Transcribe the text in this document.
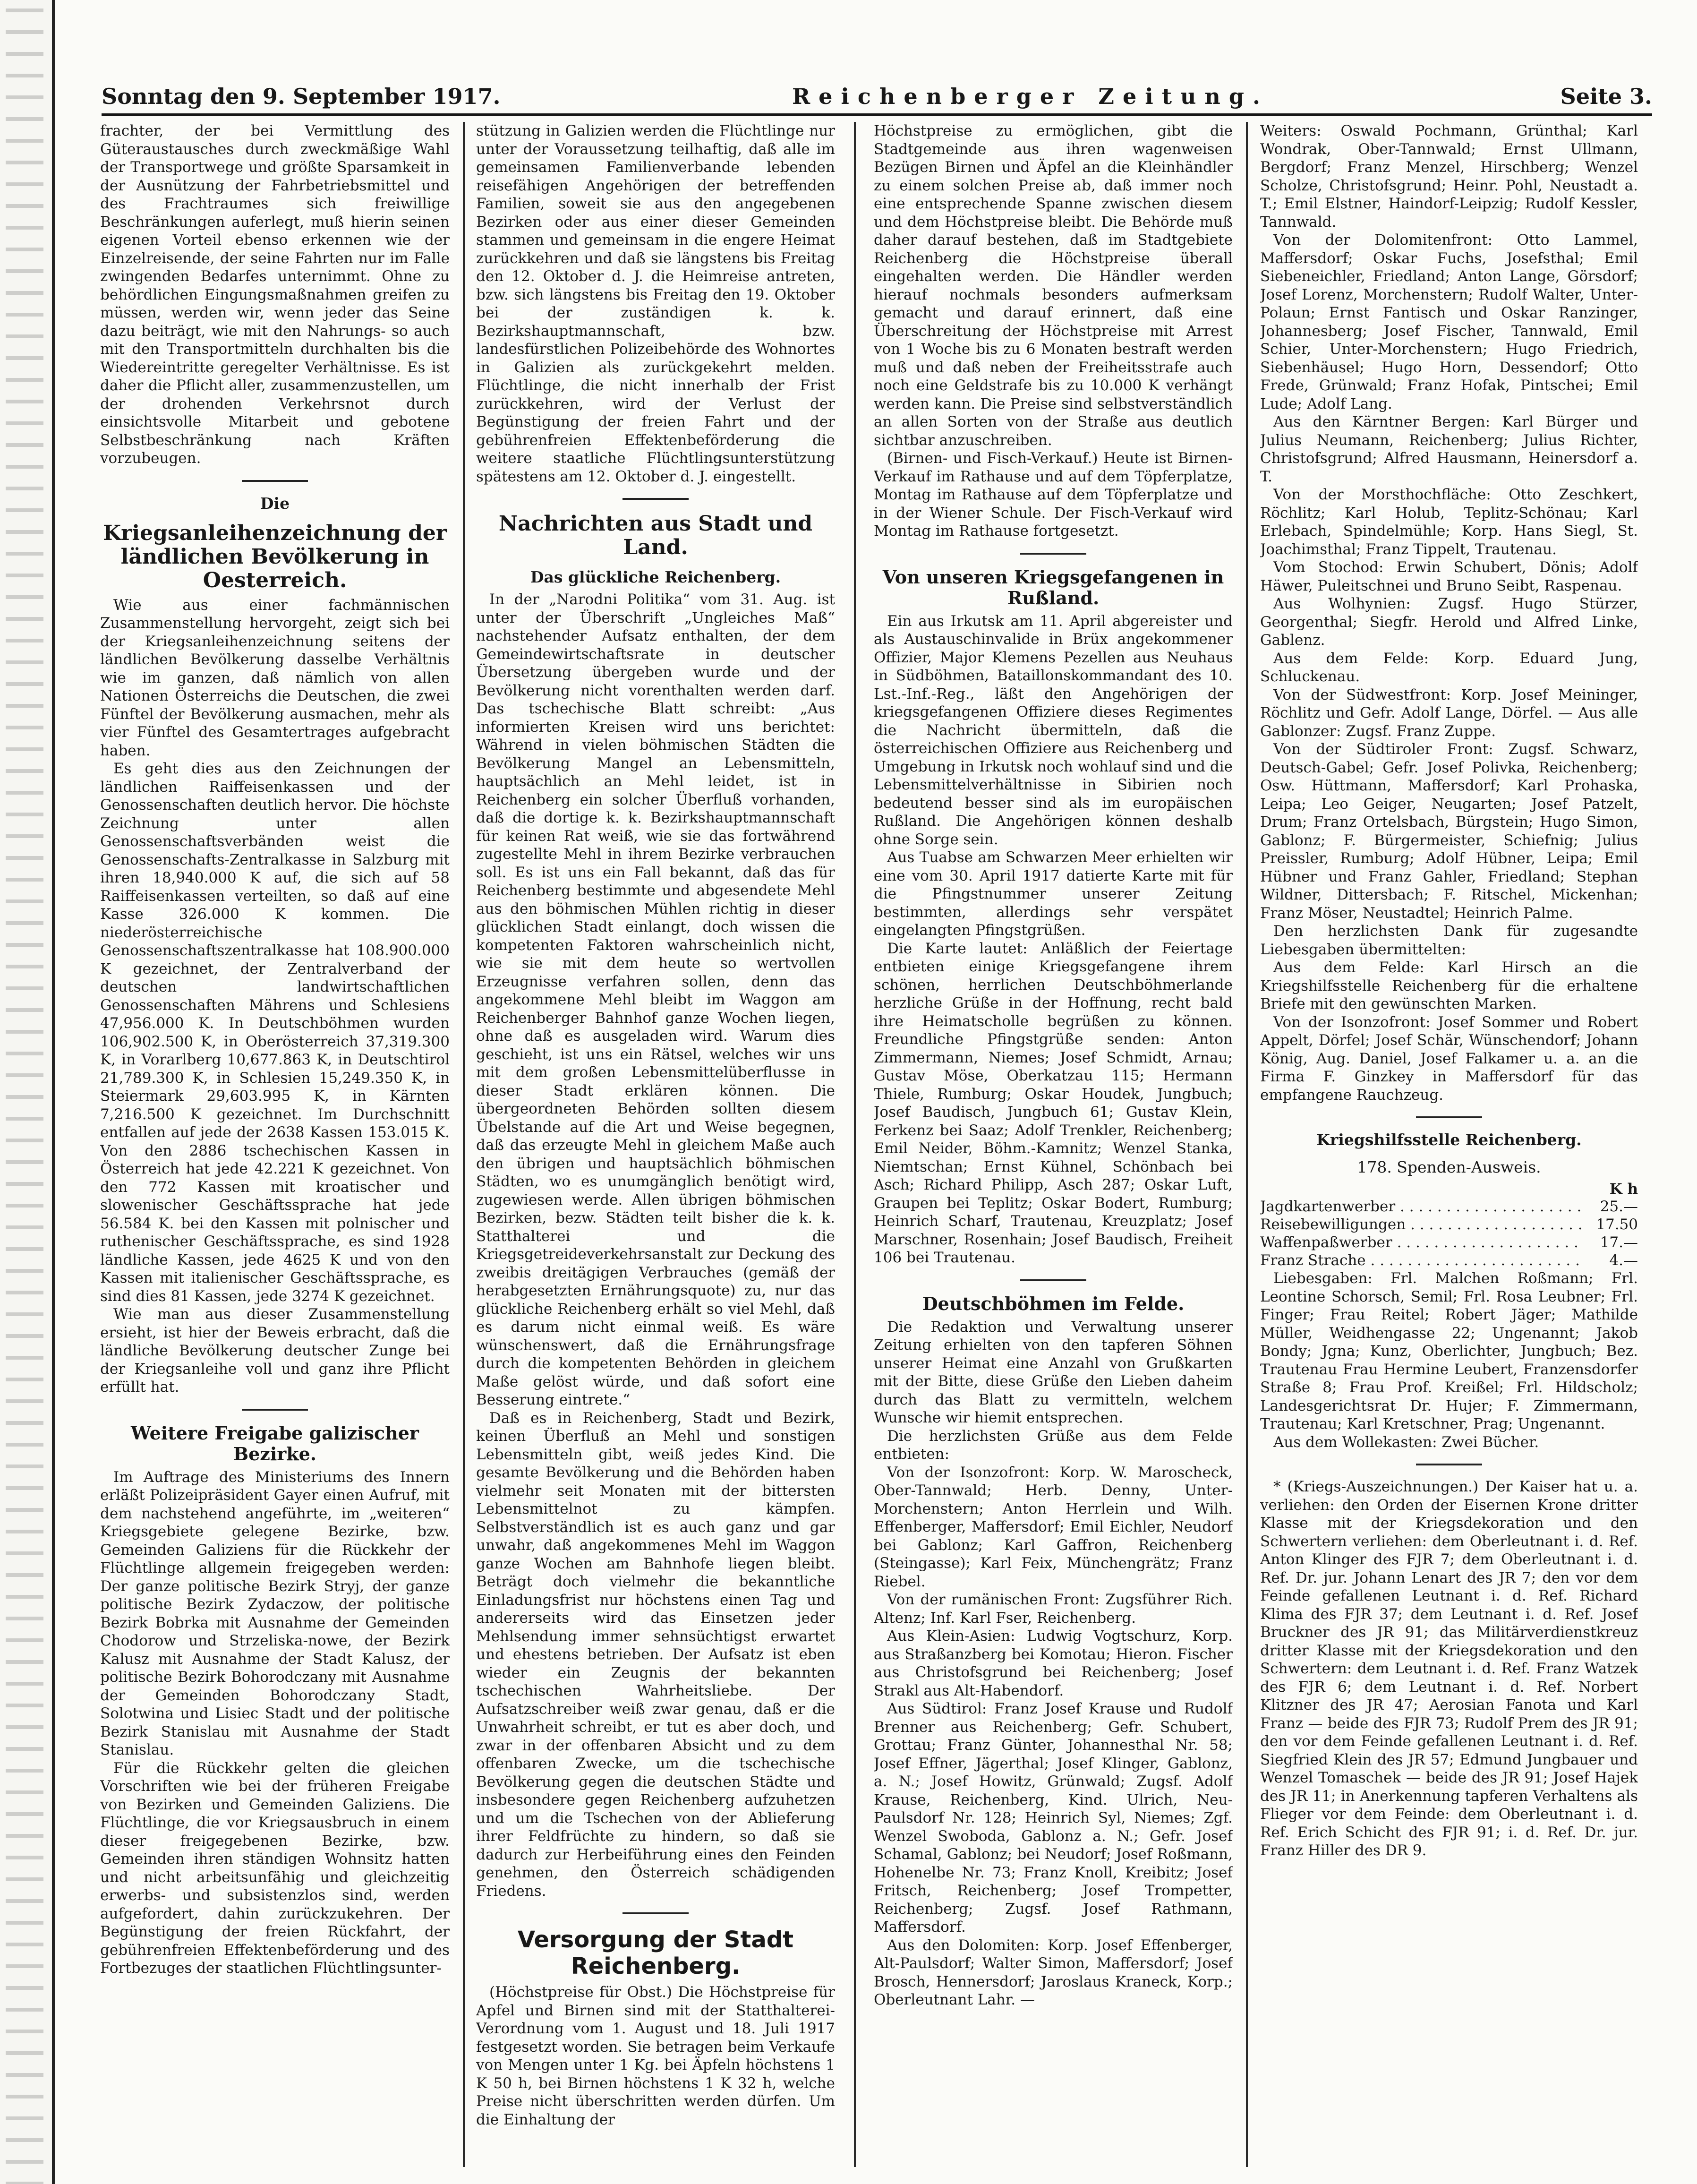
Sonntag den 9. September 1917.	Reichenberger Zeitung.	Seite 3.

frachter, der bei Vermittlung des Güteraustausches durch zweckmäßige Wahl der Transportwege und größte Sparsamkeit in der Ausnützung der Fahrbetriebsmittel und des Frachtraumes sich freiwillige Beschränkungen auferlegt, muß hierin seinen eigenen Vorteil ebenso erkennen wie der Einzelreisende, der seine Fahrten nur im Falle zwingenden Bedarfes unternimmt. Ohne zu behördlichen Eingungsmaßnahmen greifen zu müssen, werden wir, wenn jeder das Seine dazu beiträgt, wie mit den Nahrungs- so auch mit den Transportmitteln durchhalten bis die Wiedereintritte geregelter Verhältnisse. Es ist daher die Pflicht aller, zusammenzustellen, um der drohenden Verkehrsnot durch einsichtsvolle Mitarbeit und gebotene Selbstbeschränkung nach Kräften vorzubeugen.

Die
Kriegsanleihenzeichnung der ländlichen Bevölkerung in Oesterreich.

Wie aus einer fachmännischen Zusammenstellung hervorgeht, zeigt sich bei der Kriegsanleihenzeichnung seitens der ländlichen Bevölkerung dasselbe Verhältnis wie im ganzen, daß nämlich von allen Nationen Österreichs die Deutschen, die zwei Fünftel der Bevölkerung ausmachen, mehr als vier Fünftel des Gesamtertrages aufgebracht haben.

Es geht dies aus den Zeichnungen der ländlichen Raiffeisenkassen und der Genossenschaften deutlich hervor. Die höchste Zeichnung unter allen Genossenschaftsverbänden weist die Genossenschafts-Zentralkasse in Salzburg mit ihren 18,940.000 K auf, die sich auf 58 Raiffeisenkassen verteilten, so daß auf eine Kasse 326.000 K kommen. Die niederösterreichische Genossenschaftszentralkasse hat 108.900.000 K gezeichnet, der Zentralverband der deutschen landwirtschaftlichen Genossenschaften Mährens und Schlesiens 47,956.000 K. In Deutschböhmen wurden 106,902.500 K, in Oberösterreich 37,319.300 K, in Vorarlberg 10,677.863 K, in Deutschtirol 21,789.300 K, in Schlesien 15,249.350 K, in Steiermark 29,603.995 K, in Kärnten 7,216.500 K gezeichnet. Im Durchschnitt entfallen auf jede der 2638 Kassen 153.015 K. Von den 2886 tschechischen Kassen in Österreich hat jede 42.221 K gezeichnet. Von den 772 Kassen mit kroatischer und slowenischer Geschäftssprache hat jede 56.584 K. bei den Kassen mit polnischer und ruthenischer Geschäftssprache, es sind 1928 ländliche Kassen, jede 4625 K und von den Kassen mit italienischer Geschäftssprache, es sind dies 81 Kassen, jede 3274 K gezeichnet.

Wie man aus dieser Zusammenstellung ersieht, ist hier der Beweis erbracht, daß die ländliche Bevölkerung deutscher Zunge bei der Kriegsanleihe voll und ganz ihre Pflicht erfüllt hat.

Weitere Freigabe galizischer Bezirke.

Im Auftrage des Ministeriums des Innern erläßt Polizeipräsident Gayer einen Aufruf, mit dem nachstehend angeführte, im „weiteren“ Kriegsgebiete gelegene Bezirke, bzw. Gemeinden Galiziens für die Rückkehr der Flüchtlinge allgemein freigegeben werden: Der ganze politische Bezirk Stryj, der ganze politische Bezirk Zydaczow, der politische Bezirk Bobrka mit Ausnahme der Gemeinden Chodorow und Strzeliska-nowe, der Bezirk Kalusz mit Ausnahme der Stadt Kalusz, der politische Bezirk Bohorodczany mit Ausnahme der Gemeinden Bohorodczany Stadt, Solotwina und Lisiec Stadt und der politische Bezirk Stanislau mit Ausnahme der Stadt Stanislau.

Für die Rückkehr gelten die gleichen Vorschriften wie bei der früheren Freigabe von Bezirken und Gemeinden Galiziens. Die Flüchtlinge, die vor Kriegsausbruch in einem dieser freigegebenen Bezirke, bzw. Gemeinden ihren ständigen Wohnsitz hatten und nicht arbeitsunfähig und gleichzeitig erwerbs- und subsistenzlos sind, werden aufgefordert, dahin zurückzukehren. Der Begünstigung der freien Rückfahrt, der gebührenfreien Effektenbeförderung und des Fortbezuges der staatlichen Flüchtlingsunter-

stützung in Galizien werden die Flüchtlinge nur unter der Voraussetzung teilhaftig, daß alle im gemeinsamen Familienverbande lebenden reisefähigen Angehörigen der betreffenden Familien, soweit sie aus den angegebenen Bezirken oder aus einer dieser Gemeinden stammen und gemeinsam in die engere Heimat zurückkehren und daß sie längstens bis Freitag den 12. Oktober d. J. die Heimreise antreten, bzw. sich längstens bis Freitag den 19. Oktober bei der zuständigen k. k. Bezirkshauptmannschaft, bzw. landesfürstlichen Polizeibehörde des Wohnortes in Galizien als zurückgekehrt melden. Flüchtlinge, die nicht innerhalb der Frist zurückkehren, wird der Verlust der Begünstigung der freien Fahrt und der gebührenfreien Effektenbeförderung die weitere staatliche Flüchtlingsunterstützung spätestens am 12. Oktober d. J. eingestellt.

Nachrichten aus Stadt und Land.
Das glückliche Reichenberg.

In der „Narodni Politika“ vom 31. Aug. ist unter der Überschrift „Ungleiches Maß“ nachstehender Aufsatz enthalten, der dem Gemeindewirtschaftsrate in deutscher Übersetzung übergeben wurde und der Bevölkerung nicht vorenthalten werden darf. Das tschechische Blatt schreibt: „Aus informierten Kreisen wird uns berichtet: Während in vielen böhmischen Städten die Bevölkerung Mangel an Lebensmitteln, hauptsächlich an Mehl leidet, ist in Reichenberg ein solcher Überfluß vorhanden, daß die dortige k. k. Bezirkshauptmannschaft für keinen Rat weiß, wie sie das fortwährend zugestellte Mehl in ihrem Bezirke verbrauchen soll. Es ist uns ein Fall bekannt, daß das für Reichenberg bestimmte und abgesendete Mehl aus den böhmischen Mühlen richtig in dieser glücklichen Stadt einlangt, doch wissen die kompetenten Faktoren wahrscheinlich nicht, wie sie mit dem heute so wertvollen Erzeugnisse verfahren sollen, denn das angekommene Mehl bleibt im Waggon am Reichenberger Bahnhof ganze Wochen liegen, ohne daß es ausgeladen wird. Warum dies geschieht, ist uns ein Rätsel, welches wir uns mit dem großen Lebensmittelüberflusse in dieser Stadt erklären können. Die übergeordneten Behörden sollten diesem Übelstande auf die Art und Weise begegnen, daß das erzeugte Mehl in gleichem Maße auch den übrigen und hauptsächlich böhmischen Städten, wo es unumgänglich benötigt wird, zugewiesen werde. Allen übrigen böhmischen Bezirken, bezw. Städten teilt bisher die k. k. Statthalterei und die Kriegsgetreideverkehrsanstalt zur Deckung des zweibis dreitägigen Verbrauches (gemäß der herabgesetzten Ernährungsquote) zu, nur das glückliche Reichenberg erhält so viel Mehl, daß es darum nicht einmal weiß. Es wäre wünschenswert, daß die Ernährungsfrage durch die kompetenten Behörden in gleichem Maße gelöst würde, und daß sofort eine Besserung eintrete.“

Daß es in Reichenberg, Stadt und Bezirk, keinen Überfluß an Mehl und sonstigen Lebensmitteln gibt, weiß jedes Kind. Die gesamte Bevölkerung und die Behörden haben vielmehr seit Monaten mit der bittersten Lebensmittelnot zu kämpfen. Selbstverständlich ist es auch ganz und gar unwahr, daß angekommenes Mehl im Waggon ganze Wochen am Bahnhofe liegen bleibt. Beträgt doch vielmehr die bekanntliche Einladungsfrist nur höchstens einen Tag und andererseits wird das Einsetzen jeder Mehlsendung immer sehnsüchtigst erwartet und ehestens betrieben. Der Aufsatz ist eben wieder ein Zeugnis der bekannten tschechischen Wahrheitsliebe. Der Aufsatzschreiber weiß zwar genau, daß er die Unwahrheit schreibt, er tut es aber doch, und zwar in der offenbaren Absicht und zu dem offenbaren Zwecke, um die tschechische Bevölkerung gegen die deutschen Städte und insbesondere gegen Reichenberg aufzuhetzen und um die Tschechen von der Ablieferung ihrer Feldfrüchte zu hindern, so daß sie dadurch zur Herbeiführung eines den Feinden genehmen, den Österreich schädigenden Friedens.

Versorgung der Stadt Reichenberg.

(Höchstpreise für Obst.) Die Höchstpreise für Apfel und Birnen sind mit der Statthalterei-Verordnung vom 1. August und 18. Juli 1917 festgesetzt worden. Sie betragen beim Verkaufe von Mengen unter 1 Kg. bei Äpfeln höchstens 1 K 50 h, bei Birnen höchstens 1 K 32 h, welche Preise nicht überschritten werden dürfen. Um die Einhaltung der

Höchstpreise zu ermöglichen, gibt die Stadtgemeinde aus ihren wagenweisen Bezügen Birnen und Äpfel an die Kleinhändler zu einem solchen Preise ab, daß immer noch eine entsprechende Spanne zwischen diesem und dem Höchstpreise bleibt. Die Behörde muß daher darauf bestehen, daß im Stadtgebiete Reichenberg die Höchstpreise überall eingehalten werden. Die Händler werden hierauf nochmals besonders aufmerksam gemacht und darauf erinnert, daß eine Überschreitung der Höchstpreise mit Arrest von 1 Woche bis zu 6 Monaten bestraft werden muß und daß neben der Freiheitsstrafe auch noch eine Geldstrafe bis zu 10.000 K verhängt werden kann. Die Preise sind selbstverständlich an allen Sorten von der Straße aus deutlich sichtbar anzuschreiben.

(Birnen- und Fisch-Verkauf.) Heute ist Birnen-Verkauf im Rathause und auf dem Töpferplatze, Montag im Rathause auf dem Töpferplatze und in der Wiener Schule. Der Fisch-Verkauf wird Montag im Rathause fortgesetzt.

Von unseren Kriegsgefangenen in Rußland.

Ein aus Irkutsk am 11. April abgereister und als Austauschinvalide in Brüx angekommener Offizier, Major Klemens Pezellen aus Neuhaus in Südböhmen, Bataillonskommandant des 10. Lst.-Inf.-Reg., läßt den Angehörigen der kriegsgefangenen Offiziere dieses Regimentes die Nachricht übermitteln, daß die österreichischen Offiziere aus Reichenberg und Umgebung in Irkutsk noch wohlauf sind und die Lebensmittelverhältnisse in Sibirien noch bedeutend besser sind als im europäischen Rußland. Die Angehörigen können deshalb ohne Sorge sein.

Aus Tuabse am Schwarzen Meer erhielten wir eine vom 30. April 1917 datierte Karte mit für die Pfingstnummer unserer Zeitung bestimmten, allerdings sehr verspätet eingelangten Pfingstgrüßen.

Die Karte lautet: Anläßlich der Feiertage entbieten einige Kriegsgefangene ihrem schönen, herrlichen Deutschböhmerlande herzliche Grüße in der Hoffnung, recht bald ihre Heimatscholle begrüßen zu können. Freundliche Pfingstgrüße senden: Anton Zimmermann, Niemes; Josef Schmidt, Arnau; Gustav Möse, Oberkatzau 115; Hermann Thiele, Rumburg; Oskar Houdek, Jungbuch; Josef Baudisch, Jungbuch 61; Gustav Klein, Ferkenz bei Saaz; Adolf Trenkler, Reichenberg; Emil Neider, Böhm.-Kamnitz; Wenzel Stanka, Niemtschan; Ernst Kühnel, Schönbach bei Asch; Richard Philipp, Asch 287; Oskar Luft, Graupen bei Teplitz; Oskar Bodert, Rumburg; Heinrich Scharf, Trautenau, Kreuzplatz; Josef Marschner, Rosenhain; Josef Baudisch, Freiheit 106 bei Trautenau.

Deutschböhmen im Felde.

Die Redaktion und Verwaltung unserer Zeitung erhielten von den tapferen Söhnen unserer Heimat eine Anzahl von Grußkarten mit der Bitte, diese Grüße den Lieben daheim durch das Blatt zu vermitteln, welchem Wunsche wir hiemit entsprechen.

Die herzlichsten Grüße aus dem Felde entbieten:

Von der Isonzofront: Korp. W. Maroscheck, Ober-Tannwald; Herb. Denny, Unter-Morchenstern; Anton Herrlein und Wilh. Effenberger, Maffersdorf; Emil Eichler, Neudorf bei Gablonz; Karl Gaffron, Reichenberg (Steingasse); Karl Feix, Münchengrätz; Franz Riebel.

Von der rumänischen Front: Zugsführer Rich. Altenz; Inf. Karl Fser, Reichenberg.

Aus Klein-Asien: Ludwig Vogtschurz, Korp. aus Straßanzberg bei Komotau; Hieron. Fischer aus Christofsgrund bei Reichenberg; Josef Strakl aus Alt-Habendorf.

Aus Südtirol: Franz Josef Krause und Rudolf Brenner aus Reichenberg; Gefr. Schubert, Grottau; Franz Günter, Johannesthal Nr. 58; Josef Effner, Jägerthal; Josef Klinger, Gablonz, a. N.; Josef Howitz, Grünwald; Zugsf. Adolf Krause, Reichenberg, Kind. Ulrich, Neu-Paulsdorf Nr. 128; Heinrich Syl, Niemes; Zgf. Wenzel Swoboda, Gablonz a. N.; Gefr. Josef Schamal, Gablonz; bei Neudorf; Josef Roßmann, Hohenelbe Nr. 73; Franz Knoll, Kreibitz; Josef Fritsch, Reichenberg; Josef Trompetter, Reichenberg; Zugsf. Josef Rathmann, Maffersdorf.

Aus den Dolomiten: Korp. Josef Effenberger, Alt-Paulsdorf; Walter Simon, Maffersdorf; Josef Brosch, Hennersdorf; Jaroslaus Kraneck, Korp.; Oberleutnant Lahr. —

Weiters: Oswald Pochmann, Grünthal; Karl Wondrak, Ober-Tannwald; Ernst Ullmann, Bergdorf; Franz Menzel, Hirschberg; Wenzel Scholze, Christofsgrund; Heinr. Pohl, Neustadt a. T.; Emil Elstner, Haindorf-Leipzig; Rudolf Kessler, Tannwald.

Von der Dolomitenfront: Otto Lammel, Maffersdorf; Oskar Fuchs, Josefsthal; Emil Siebeneichler, Friedland; Anton Lange, Görsdorf; Josef Lorenz, Morchenstern; Rudolf Walter, Unter-Polaun; Ernst Fantisch und Oskar Ranzinger, Johannesberg; Josef Fischer, Tannwald, Emil Schier, Unter-Morchenstern; Hugo Friedrich, Siebenhäusel; Hugo Horn, Dessendorf; Otto Frede, Grünwald; Franz Hofak, Pintschei; Emil Lude; Adolf Lang.

Aus den Kärntner Bergen: Karl Bürger und Julius Neumann, Reichenberg; Julius Richter, Christofsgrund; Alfred Hausmann, Heinersdorf a. T.

Von der Morsthochfläche: Otto Zeschkert, Röchlitz; Karl Holub, Teplitz-Schönau; Karl Erlebach, Spindelmühle; Korp. Hans Siegl, St. Joachimsthal; Franz Tippelt, Trautenau.

Vom Stochod: Erwin Schubert, Dönis; Adolf Häwer, Puleitschnei und Bruno Seibt, Raspenau.

Aus Wolhynien: Zugsf. Hugo Stürzer, Georgenthal; Siegfr. Herold und Alfred Linke, Gablenz.

Aus dem Felde: Korp. Eduard Jung, Schluckenau.

Von der Südwestfront: Korp. Josef Meininger, Röchlitz und Gefr. Adolf Lange, Dörfel. — Aus alle Gablonzer: Zugsf. Franz Zuppe.

Von der Südtiroler Front: Zugsf. Schwarz, Deutsch-Gabel; Gefr. Josef Polivka, Reichenberg; Osw. Hüttmann, Maffersdorf; Karl Prohaska, Leipa; Leo Geiger, Neugarten; Josef Patzelt, Drum; Franz Ortelsbach, Bürgstein; Hugo Simon, Gablonz; F. Bürgermeister, Schiefnig; Julius Preissler, Rumburg; Adolf Hübner, Leipa; Emil Hübner und Franz Gahler, Friedland; Stephan Wildner, Dittersbach; F. Ritschel, Mickenhan; Franz Möser, Neustadtel; Heinrich Palme.

Den herzlichsten Dank für zugesandte Liebesgaben übermittelten:

Aus dem Felde: Karl Hirsch an die Kriegshilfsstelle Reichenberg für die erhaltene Briefe mit den gewünschten Marken.

Von der Isonzofront: Josef Sommer und Robert Appelt, Dörfel; Josef Schär, Wünschendorf; Johann König, Aug. Daniel, Josef Falkamer u. a. an die Firma F. Ginzkey in Maffersdorf für das empfangene Rauchzeug.

Kriegshilfsstelle Reichenberg.
178. Spenden-Ausweis.
K h
Jagdkartenwerber . . .	25.—
Reisebewilligungen . . .	17.50
Waffenpaßwerber . . .	17.—
Franz Strache . . .	4.—

Liebesgaben: Frl. Malchen Roßmann; Frl. Leontine Schorsch, Semil; Frl. Rosa Leubner; Frl. Finger; Frau Reitel; Robert Jäger; Mathilde Müller, Weidhengasse 22; Ungenannt; Jakob Bondy; Jgna; Kunz, Oberlichter, Jungbuch; Bez. Trautenau Frau Hermine Leubert, Franzensdorfer Straße 8; Frau Prof. Kreißel; Frl. Hildscholz; Landesgerichtsrat Dr. Hujer; F. Zimmermann, Trautenau; Karl Kretschner, Prag; Ungenannt.

Aus dem Wollekasten: Zwei Bücher.

* (Kriegs-Auszeichnungen.) Der Kaiser hat u. a. verliehen: den Orden der Eisernen Krone dritter Klasse mit der Kriegsdekoration und den Schwertern verliehen: dem Oberleutnant i. d. Ref. Anton Klinger des FJR 7; dem Oberleutnant i. d. Ref. Dr. jur. Johann Lenart des JR 7; den vor dem Feinde gefallenen Leutnant i. d. Ref. Richard Klima des FJR 37; dem Leutnant i. d. Ref. Josef Bruckner des JR 91; das Militärverdienstkreuz dritter Klasse mit der Kriegsdekoration und den Schwertern: dem Leutnant i. d. Ref. Franz Watzek des FJR 6; dem Leutnant i. d. Ref. Norbert Klitzner des JR 47; Aerosian Fanota und Karl Franz — beide des FJR 73; Rudolf Prem des JR 91; den vor dem Feinde gefallenen Leutnant i. d. Ref. Siegfried Klein des JR 57; Edmund Jungbauer und Wenzel Tomaschek — beide des JR 91; Josef Hajek des JR 11; in Anerkennung tapferen Verhaltens als Flieger vor dem Feinde: dem Oberleutnant i. d. Ref. Erich Schicht des FJR 91; i. d. Ref. Dr. jur. Franz Hiller des DR 9.
